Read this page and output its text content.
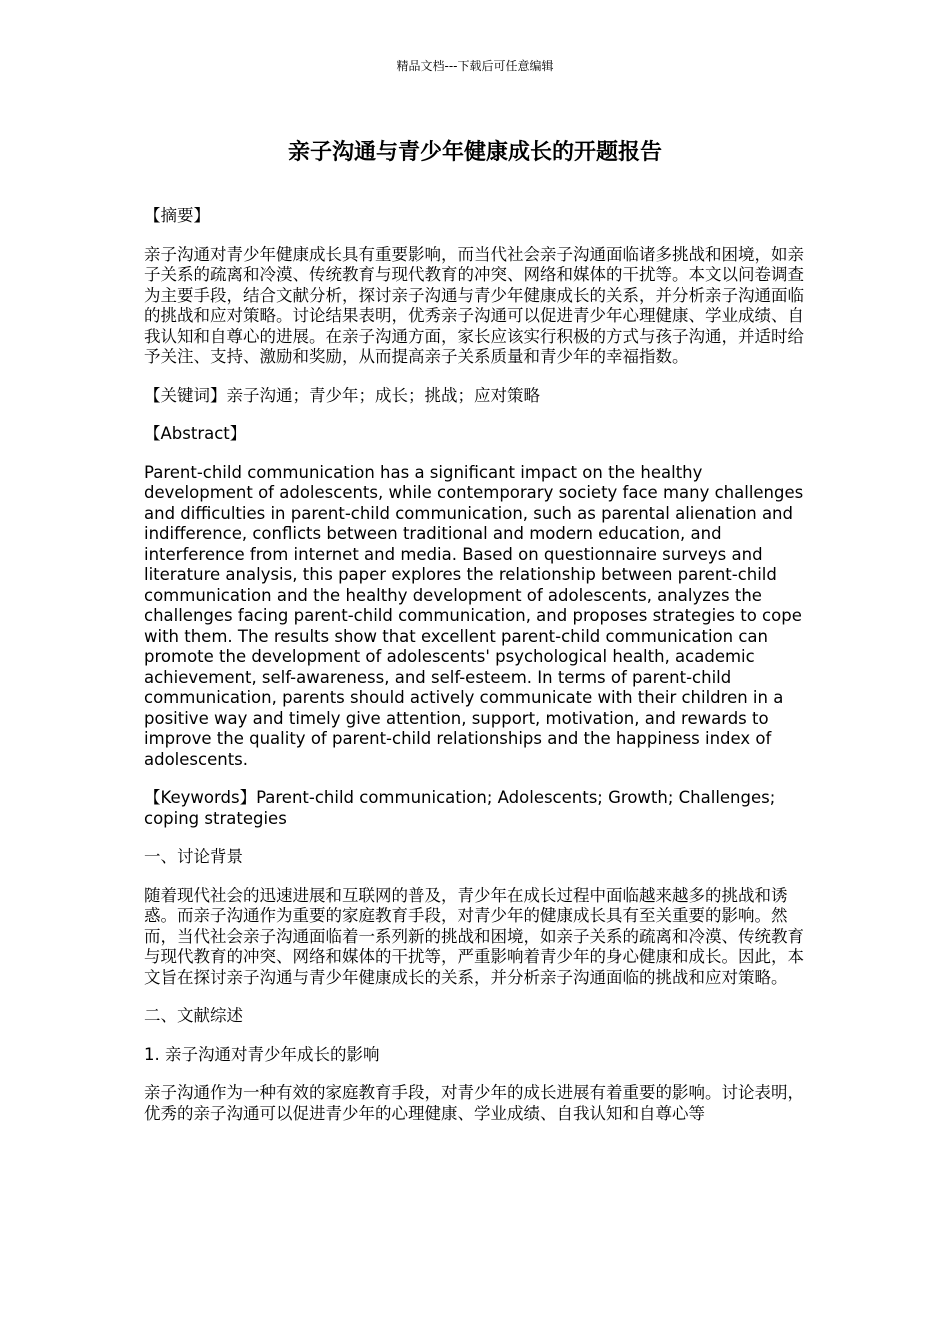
精品文档---下载后可任意编辑
亲子沟通与青少年健康成长的开题报告

【摘要】

亲子沟通对青少年健康成长具有重要影响，而当代社会亲子沟通面临诸多挑战和困境，如亲子关系的疏离和冷漠、传统教育与现代教育的冲突、网络和媒体的干扰等。本文以问卷调查为主要手段，结合文献分析，探讨亲子沟通与青少年健康成长的关系，并分析亲子沟通面临的挑战和应对策略。讨论结果表明，优秀亲子沟通可以促进青少年心理健康、学业成绩、自我认知和自尊心的进展。在亲子沟通方面，家长应该实行积极的方式与孩子沟通，并适时给予关注、支持、激励和奖励，从而提高亲子关系质量和青少年的幸福指数。

【关键词】亲子沟通；青少年；成长；挑战；应对策略

【Abstract】

Parent-child communication has a significant impact on the healthy development of adolescents, while contemporary society face many challenges and difficulties in parent-child communication, such as parental alienation and indifference, conflicts between traditional and modern education, and interference from internet and media. Based on questionnaire surveys and literature analysis, this paper explores the relationship between parent-child communication and the healthy development of adolescents, analyzes the challenges facing parent-child communication, and proposes strategies to cope with them. The results show that excellent parent-child communication can promote the development of adolescents' psychological health, academic achievement, self-awareness, and self-esteem. In terms of parent-child communication, parents should actively communicate with their children in a positive way and timely give attention, support, motivation, and rewards to improve the quality of parent-child relationships and the happiness index of adolescents.

【Keywords】Parent-child communication; Adolescents; Growth; Challenges; coping strategies

一、讨论背景

随着现代社会的迅速进展和互联网的普及，青少年在成长过程中面临越来越多的挑战和诱惑。而亲子沟通作为重要的家庭教育手段，对青少年的健康成长具有至关重要的影响。然而，当代社会亲子沟通面临着一系列新的挑战和困境，如亲子关系的疏离和冷漠、传统教育与现代教育的冲突、网络和媒体的干扰等，严重影响着青少年的身心健康和成长。因此，本文旨在探讨亲子沟通与青少年健康成长的关系，并分析亲子沟通面临的挑战和应对策略。

二、文献综述

1. 亲子沟通对青少年成长的影响

亲子沟通作为一种有效的家庭教育手段，对青少年的成长进展有着重要的影响。讨论表明，优秀的亲子沟通可以促进青少年的心理健康、学业成绩、自我认知和自尊心等
